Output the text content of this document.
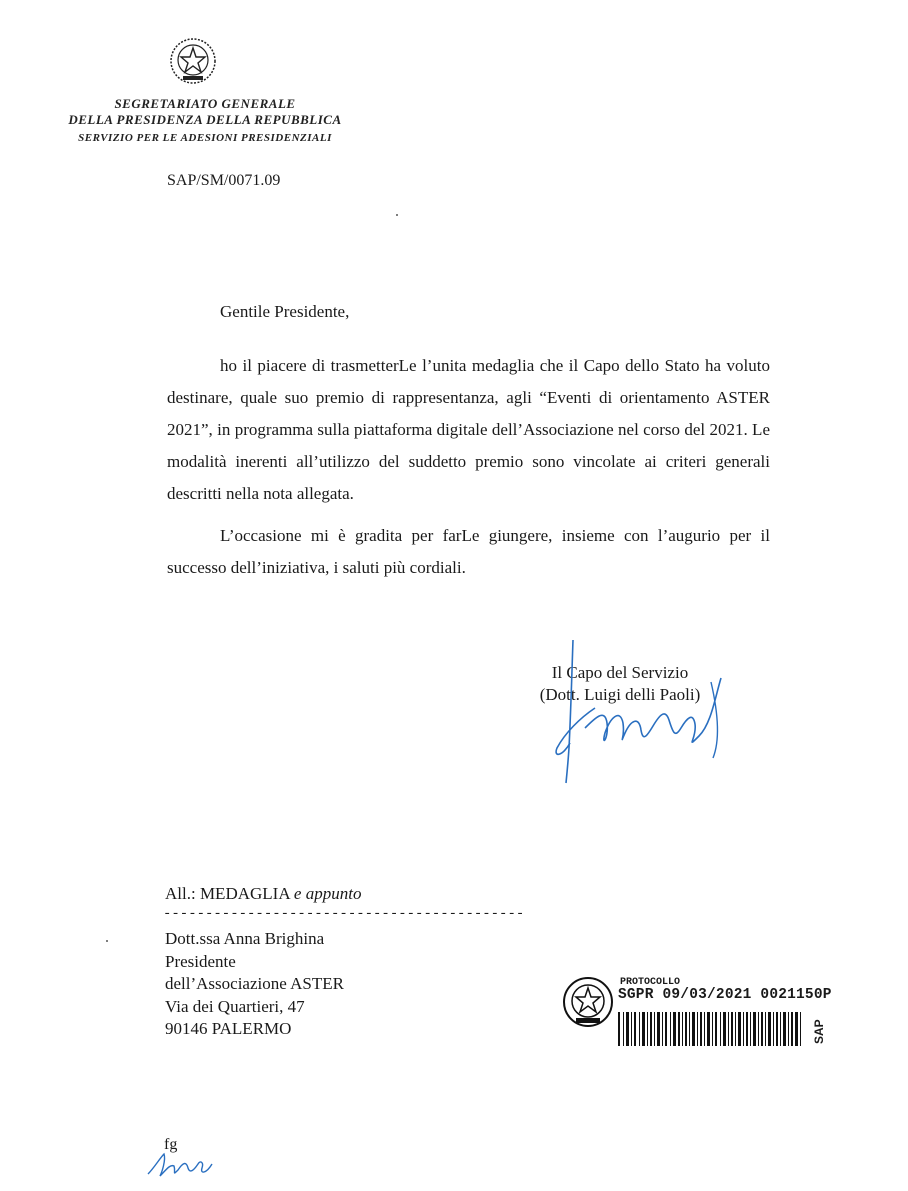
SEGRETARIATO GENERALE
DELLA PRESIDENZA DELLA REPUBBLICA
SERVIZIO PER LE ADESIONI PRESIDENZIALI
SAP/SM/0071.09
Gentile Presidente,
ho il piacere di trasmetterLe l’unita medaglia che il Capo dello Stato ha voluto destinare, quale suo premio di rappresentanza, agli “Eventi di orientamento ASTER 2021”, in programma sulla piattaforma digitale dell’Associazione nel corso del 2021. Le modalità inerenti all’utilizzo del suddetto premio sono vincolate ai criteri generali descritti nella nota allegata.
L’occasione mi è gradita per farLe giungere, insieme con l’augurio per il successo dell’iniziativa, i saluti più cordiali.
Il Capo del Servizio
(Dott. Luigi delli Paoli)
All.: MEDAGLIA e appunto
-------------------------------------------
Dott.ssa Anna Brighina
Presidente
dell’Associazione ASTER
Via dei Quartieri, 47
90146 PALERMO
PROTOCOLLO
SGPR 09/03/2021 0021150P
SAP
fg
